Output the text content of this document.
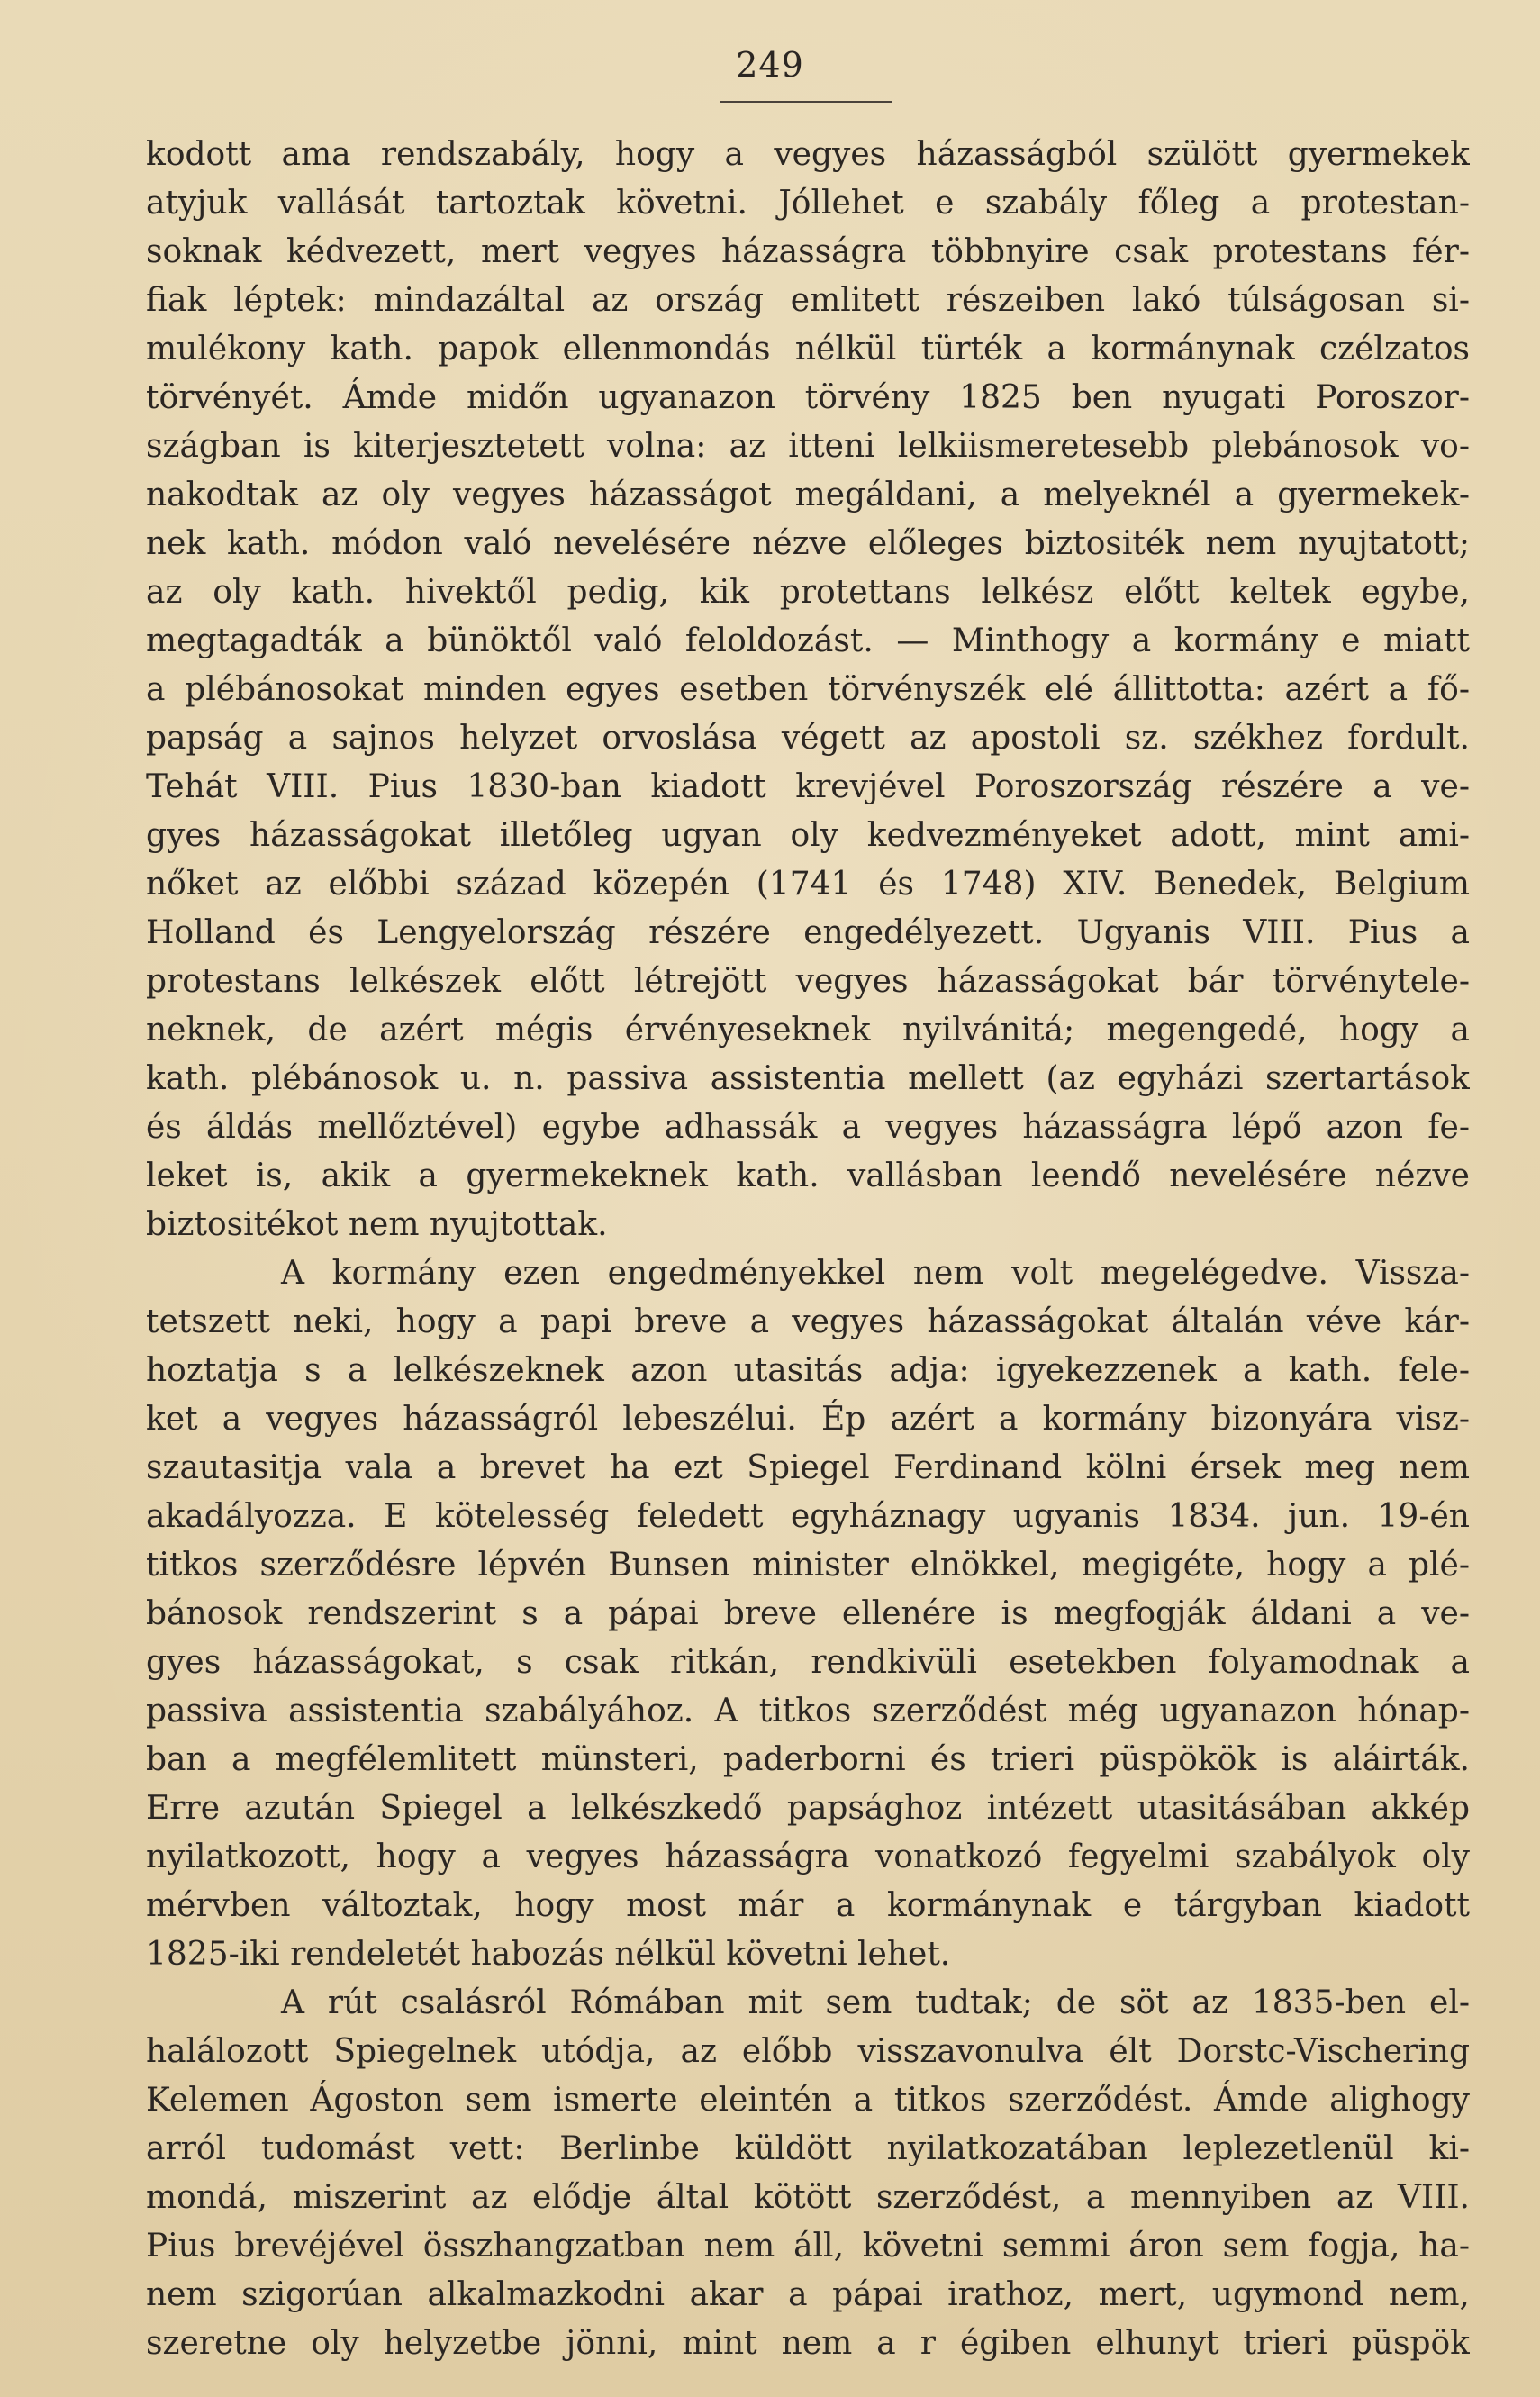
249
kodott ama rendszabály, hogy a vegyes házasságból szülött gyermekek
atyjuk vallását tartoztak követni. Jóllehet e szabály főleg a protestan-
soknak kédvezett, mert vegyes házasságra többnyire csak protestans fér-
fiak léptek: mindazáltal az ország emlitett részeiben lakó túlságosan si-
mulékony kath. papok ellenmondás nélkül türték a kormánynak czélzatos
törvényét. Ámde midőn ugyanazon törvény 1825 ben nyugati Poroszor-
szágban is kiterjesztetett volna: az itteni lelkiismeretesebb plebánosok vo-
nakodtak az oly vegyes házasságot megáldani, a melyeknél a gyermekek-
nek kath. módon való nevelésére nézve előleges biztositék nem nyujtatott;
az oly kath. hivektől pedig, kik protettans lelkész előtt keltek egybe,
megtagadták a bünöktől való feloldozást. — Minthogy a kormány e miatt
a plébánosokat minden egyes esetben törvényszék elé állittotta: azért a fő-
papság a sajnos helyzet orvoslása végett az apostoli sz. székhez fordult.
Tehát VIII. Pius 1830-ban kiadott krevjével Poroszország részére a ve-
gyes házasságokat illetőleg ugyan oly kedvezményeket adott, mint ami-
nőket az előbbi század közepén (1741 és 1748) XIV. Benedek, Belgium
Holland és Lengyelország részére engedélyezett. Ugyanis VIII. Pius a
protestans lelkészek előtt létrejött vegyes házasságokat bár törvénytele-
neknek, de azért mégis érvényeseknek nyilvánitá; megengedé, hogy a
kath. plébánosok u. n. passiva assistentia mellett (az egyházi szertartások
és áldás mellőztével) egybe adhassák a vegyes házasságra lépő azon fe-
leket is, akik a gyermekeknek kath. vallásban leendő nevelésére nézve
biztositékot nem nyujtottak.
A kormány ezen engedményekkel nem volt megelégedve. Vissza-
tetszett neki, hogy a papi breve a vegyes házasságokat általán véve kár-
hoztatja s a lelkészeknek azon utasitás adja: igyekezzenek a kath. fele-
ket a vegyes házasságról lebeszélui. Ép azért a kormány bizonyára visz-
szautasitja vala a brevet ha ezt Spiegel Ferdinand kölni érsek meg nem
akadályozza. E kötelesség feledett egyháznagy ugyanis 1834. jun. 19-én
titkos szerződésre lépvén Bunsen minister elnökkel, megigéte, hogy a plé-
bánosok rendszerint s a pápai breve ellenére is megfogják áldani a ve-
gyes házasságokat, s csak ritkán, rendkivüli esetekben folyamodnak a
passiva assistentia szabályához. A titkos szerződést még ugyanazon hónap-
ban a megfélemlitett münsteri, paderborni és trieri püspökök is aláirták.
Erre azután Spiegel a lelkészkedő papsághoz intézett utasitásában akkép
nyilatkozott, hogy a vegyes házasságra vonatkozó fegyelmi szabályok oly
mérvben változtak, hogy most már a kormánynak e tárgyban kiadott
1825-iki rendeletét habozás nélkül követni lehet.
A rút csalásról Rómában mit sem tudtak; de söt az 1835-ben el-
halálozott Spiegelnek utódja, az előbb visszavonulva élt Dorstc-Vischering
Kelemen Ágoston sem ismerte eleintén a titkos szerződést. Ámde alighogy
arról tudomást vett: Berlinbe küldött nyilatkozatában leplezetlenül ki-
mondá, miszerint az elődje által kötött szerződést, a mennyiben az VIII.
Pius brevéjével összhangzatban nem áll, követni semmi áron sem fogja, ha-
nem szigorúan alkalmazkodni akar a pápai irathoz, mert, ugymond nem,
szeretne oly helyzetbe jönni, mint nem a r égiben elhunyt trieri püspök
